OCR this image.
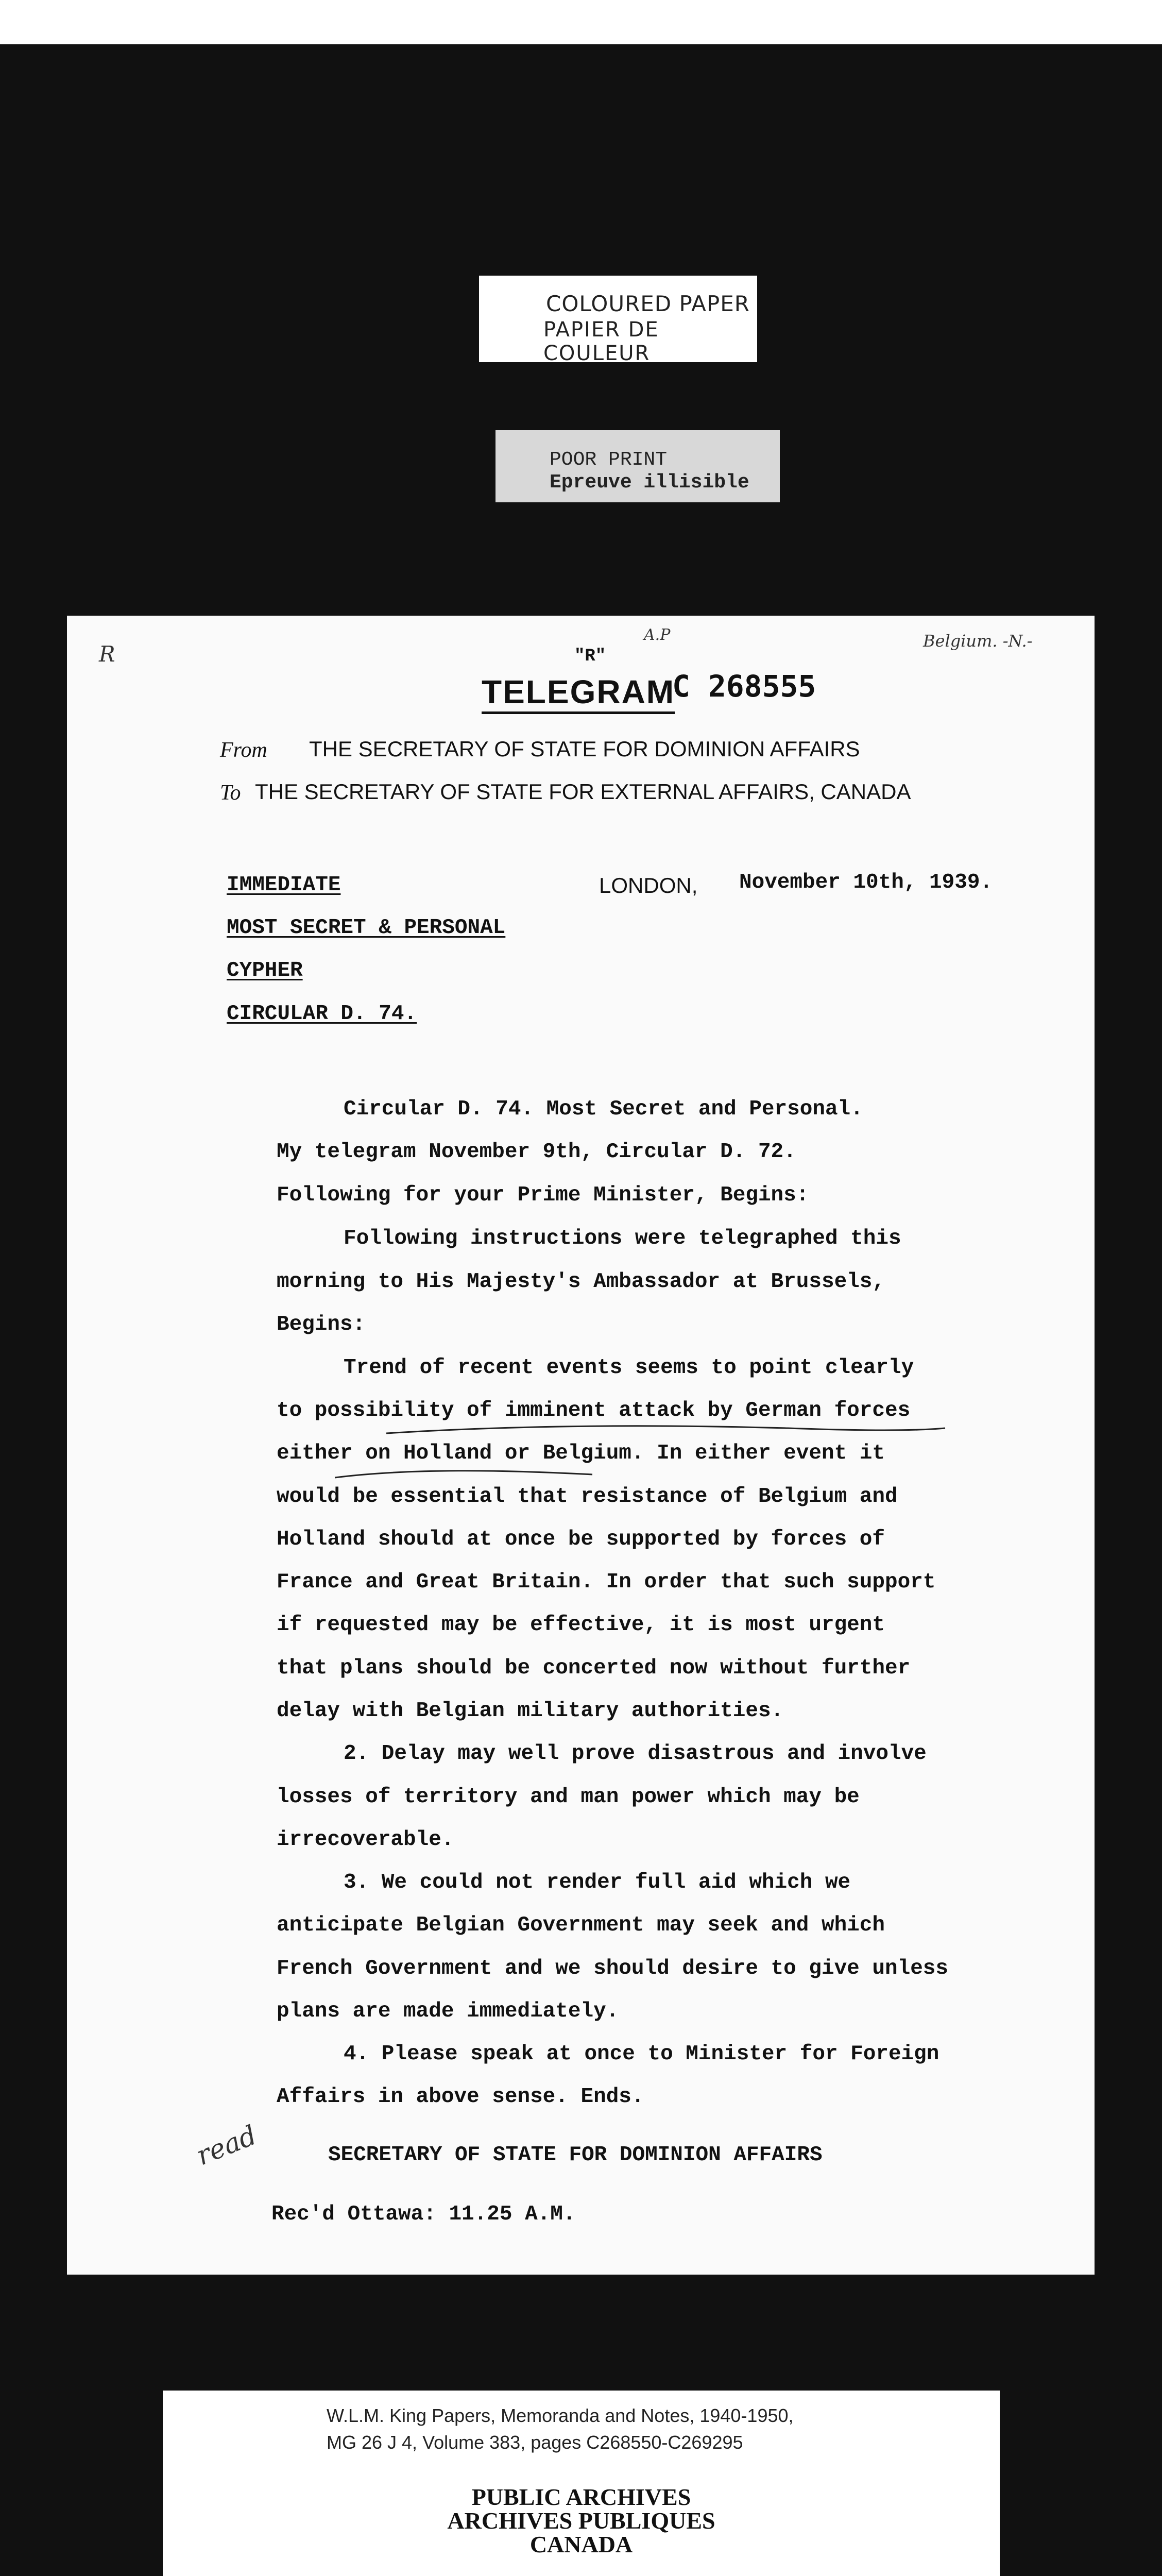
COLOURED PAPER
PAPIER DE COULEUR
POOR PRINT
Epreuve illisible
R	"R"
A.P	Belgium. -N.-
TELEGRAM
C 268555
From THE SECRETARY OF STATE FOR DOMINION AFFAIRS
To THE SECRETARY OF STATE FOR EXTERNAL AFFAIRS, CANADA
IMMEDIATE
MOST SECRET & PERSONAL
CYPHER
CIRCULAR D. 74.
LONDON, November 10th, 1939.
Circular D. 74. Most Secret and Personal.
My telegram November 9th, Circular D. 72.
Following for your Prime Minister, Begins:
Following instructions were telegraphed this
morning to His Majesty's Ambassador at Brussels,
Begins:
Trend of recent events seems to point clearly
to possibility of imminent attack by German forces
either on Holland or Belgium. In either event it
would be essential that resistance of Belgium and
Holland should at once be supported by forces of
France and Great Britain. In order that such support
if requested may be effective, it is most urgent
that plans should be concerted now without further
delay with Belgian military authorities.
2. Delay may well prove disastrous and involve
losses of territory and man power which may be
irrecoverable.
3. We could not render full aid which we
anticipate Belgian Government may seek and which
French Government and we should desire to give unless
plans are made immediately.
4. Please speak at once to Minister for Foreign
Affairs in above sense. Ends.
read	SECRETARY OF STATE FOR DOMINION AFFAIRS
Rec'd Ottawa: 11.25 A.M.
W.L.M. King Papers, Memoranda and Notes, 1940-1950,
MG 26 J 4, Volume 383, pages C268550-C269295
PUBLIC ARCHIVES
ARCHIVES PUBLIQUES
CANADA
